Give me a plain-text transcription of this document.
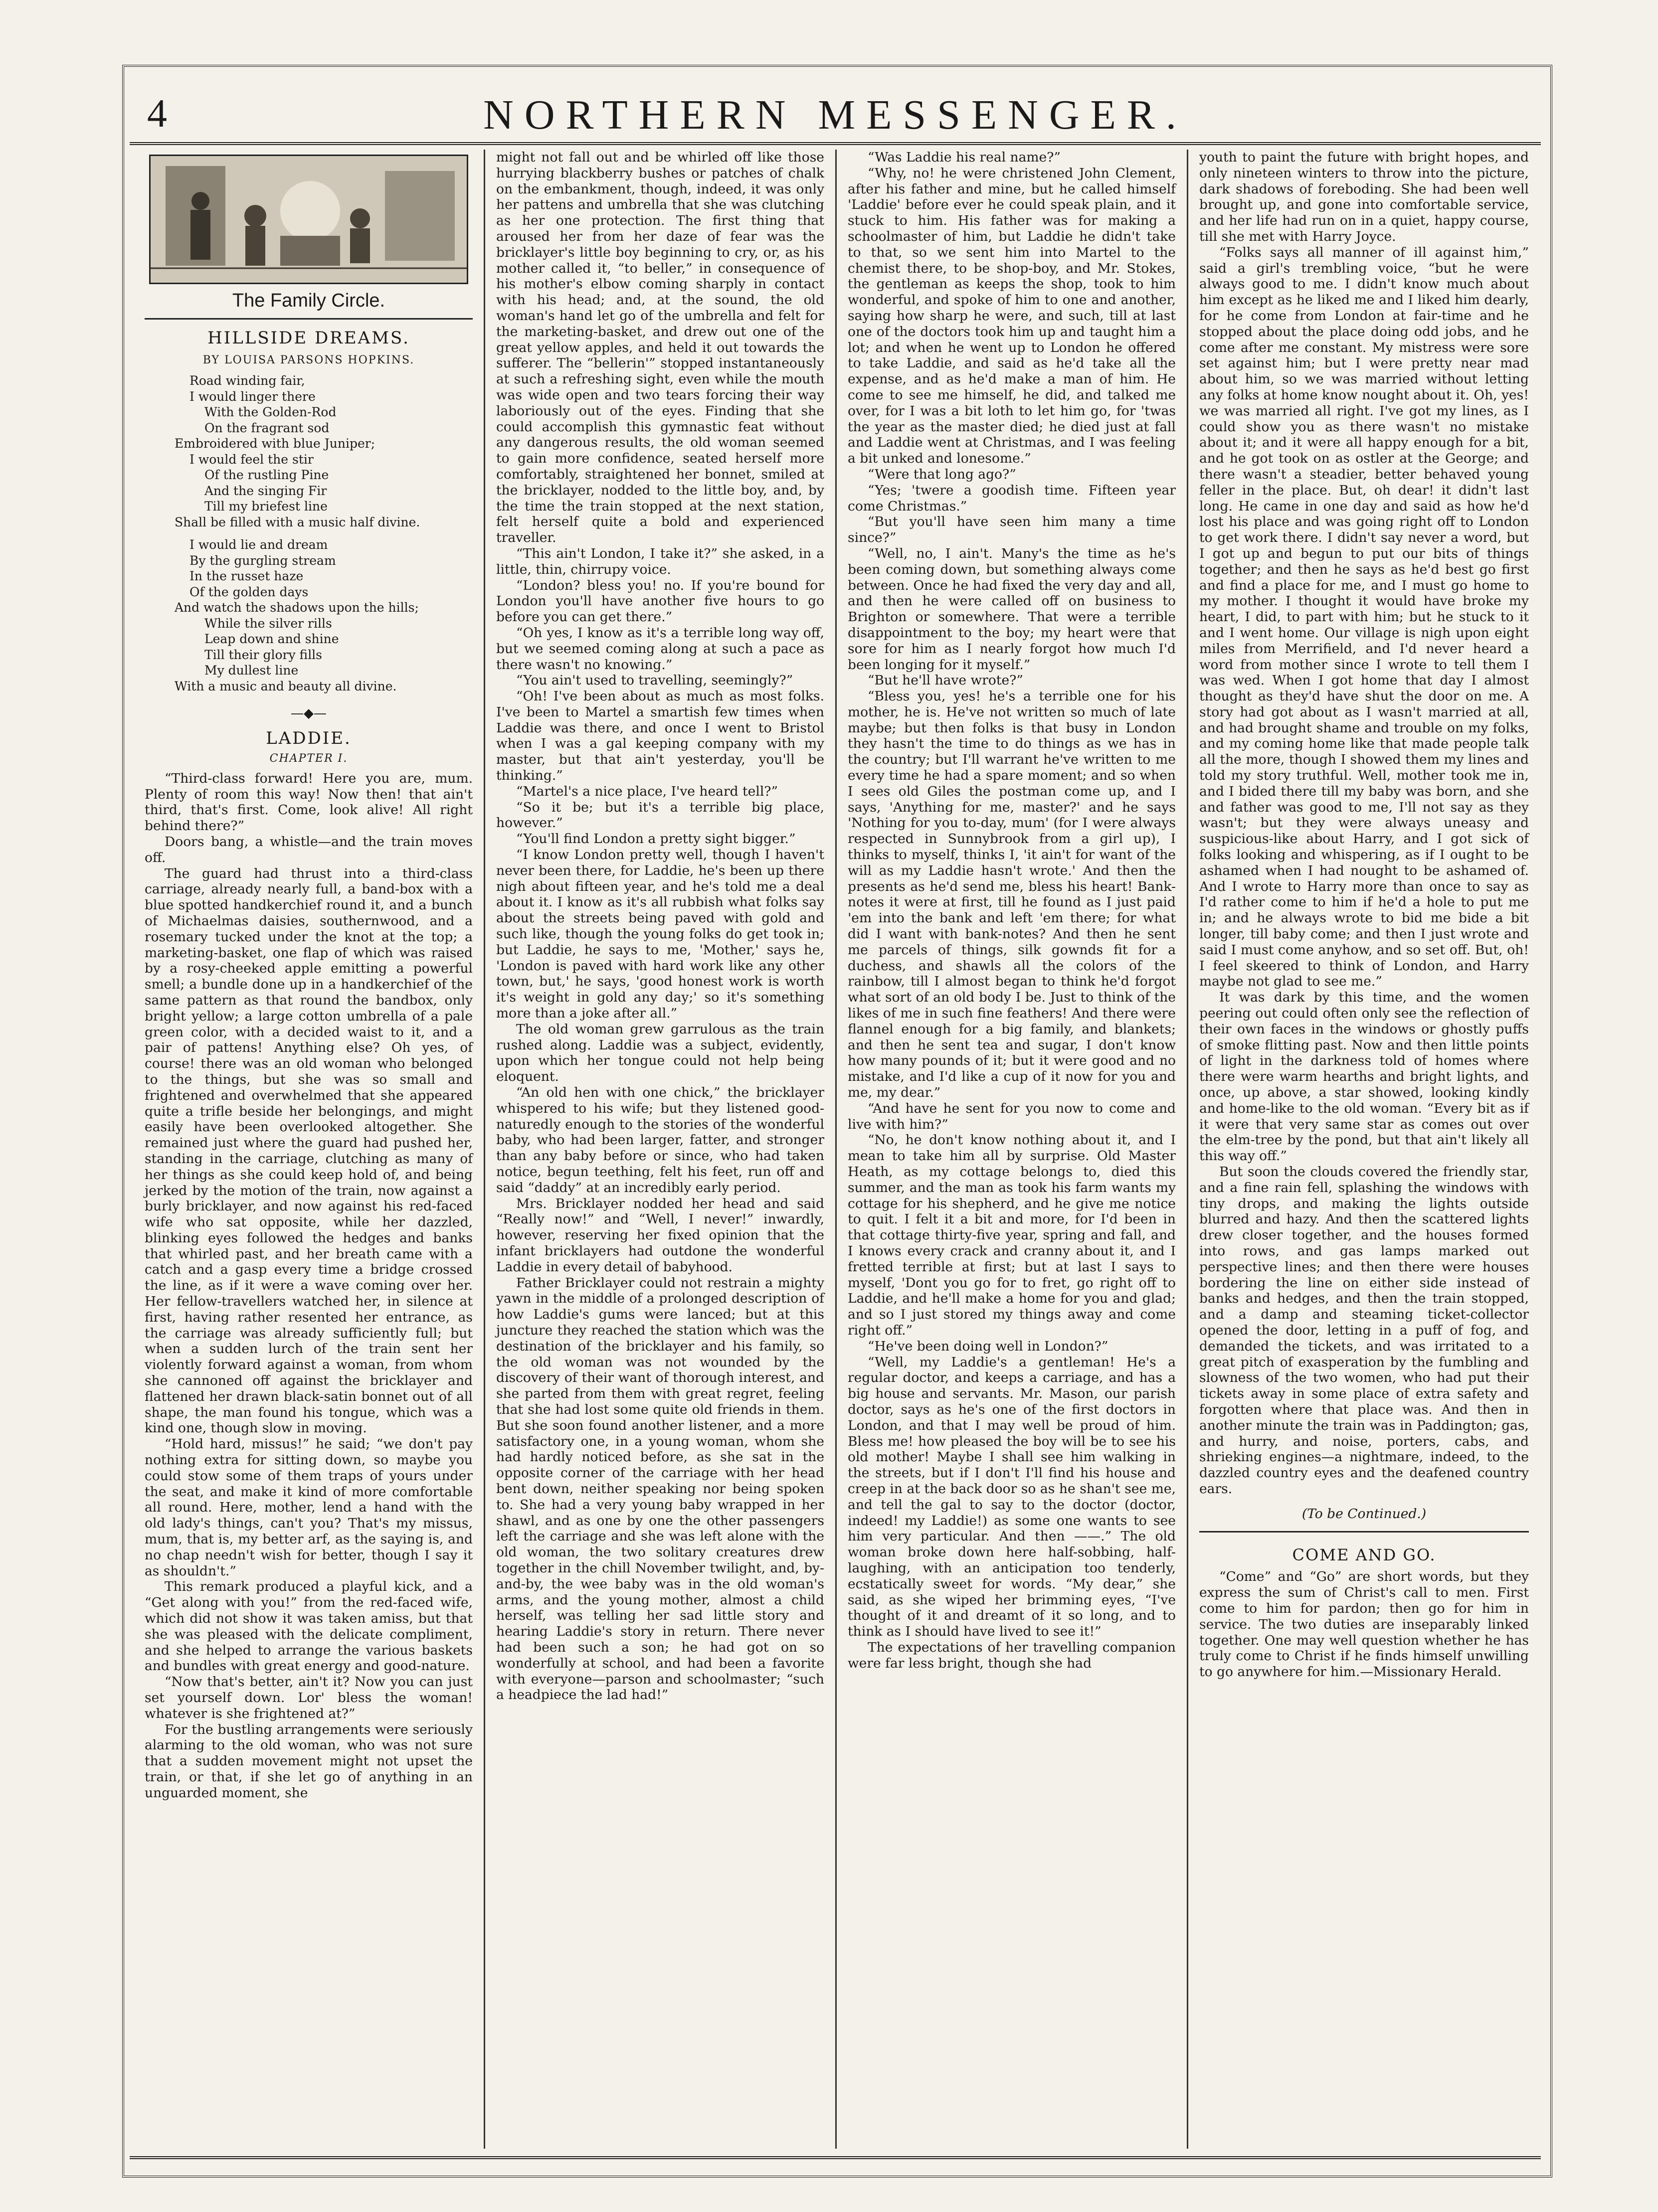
4	NORTHERN MESSENGER.
The Family Circle.
HILLSIDE DREAMS.
BY LOUISA PARSONS HOPKINS.
Road winding fair,
I would linger there
With the Golden-Rod
On the fragrant sod
Embroidered with blue Juniper;
I would feel the stir
Of the rustling Pine
And the singing Fir
Till my briefest line
Shall be filled with a music half divine.
I would lie and dream
By the gurgling stream
In the russet haze
Of the golden days
And watch the shadows upon the hills;
While the silver rills
Leap down and shine
Till their glory fills
My dullest line
With a music and beauty all divine.
—◆—
LADDIE.
CHAPTER I.

“Third-class forward! Here you are, mum. Plenty of room this way! Now then! that ain't third, that's first. Come, look alive! All right behind there?”

Doors bang, a whistle—and the train moves off.

The guard had thrust into a third-class carriage, already nearly full, a band-box with a blue spotted handkerchief round it, and a bunch of Michaelmas daisies, southernwood, and a rosemary tucked under the knot at the top; a marketing-basket, one flap of which was raised by a rosy-cheeked apple emitting a powerful smell; a bundle done up in a handkerchief of the same pattern as that round the bandbox, only bright yellow; a large cotton umbrella of a pale green color, with a decided waist to it, and a pair of pattens! Anything else? Oh yes, of course! there was an old woman who belonged to the things, but she was so small and frightened and overwhelmed that she appeared quite a trifle beside her belongings, and might easily have been overlooked altogether. She remained just where the guard had pushed her, standing in the carriage, clutching as many of her things as she could keep hold of, and being jerked by the motion of the train, now against a burly bricklayer, and now against his red-faced wife who sat opposite, while her dazzled, blinking eyes followed the hedges and banks that whirled past, and her breath came with a catch and a gasp every time a bridge crossed the line, as if it were a wave coming over her. Her fellow-travellers watched her, in silence at first, having rather resented her entrance, as the carriage was already sufficiently full; but when a sudden lurch of the train sent her violently forward against a woman, from whom she cannoned off against the bricklayer and flattened her drawn black-satin bonnet out of all shape, the man found his tongue, which was a kind one, though slow in moving.

“Hold hard, missus!” he said; “we don't pay nothing extra for sitting down, so maybe you could stow some of them traps of yours under the seat, and make it kind of more comfortable all round. Here, mother, lend a hand with the old lady's things, can't you? That's my missus, mum, that is, my better arf, as the saying is, and no chap needn't wish for better, though I say it as shouldn't.”

This remark produced a playful kick, and a “Get along with you!” from the red-faced wife, which did not show it was taken amiss, but that she was pleased with the delicate compliment, and she helped to arrange the various baskets and bundles with great energy and good-nature.

“Now that's better, ain't it? Now you can just set yourself down. Lor' bless the woman! whatever is she frightened at?”

For the bustling arrangements were seriously alarming to the old woman, who was not sure that a sudden movement might not upset the train, or that, if she let go of anything in an unguarded moment, she

might not fall out and be whirled off like those hurrying blackberry bushes or patches of chalk on the embankment, though, indeed, it was only her pattens and umbrella that she was clutching as her one protection. The first thing that aroused her from her daze of fear was the bricklayer's little boy beginning to cry, or, as his mother called it, “to beller,” in consequence of his mother's elbow coming sharply in contact with his head; and, at the sound, the old woman's hand let go of the umbrella and felt for the marketing-basket, and drew out one of the great yellow apples, and held it out towards the sufferer. The “bellerin'” stopped instantaneously at such a refreshing sight, even while the mouth was wide open and two tears forcing their way laboriously out of the eyes. Finding that she could accomplish this gymnastic feat without any dangerous results, the old woman seemed to gain more confidence, seated herself more comfortably, straightened her bonnet, smiled at the bricklayer, nodded to the little boy, and, by the time the train stopped at the next station, felt herself quite a bold and experienced traveller.

“This ain't London, I take it?” she asked, in a little, thin, chirrupy voice.

“London? bless you! no. If you're bound for London you'll have another five hours to go before you can get there.”

“Oh yes, I know as it's a terrible long way off, but we seemed coming along at such a pace as there wasn't no knowing.”

“You ain't used to travelling, seemingly?”

“Oh! I've been about as much as most folks. I've been to Martel a smartish few times when Laddie was there, and once I went to Bristol when I was a gal keeping company with my master, but that ain't yesterday, you'll be thinking.”

“Martel's a nice place, I've heard tell?”

“So it be; but it's a terrible big place, however.”

“You'll find London a pretty sight bigger.”

“I know London pretty well, though I haven't never been there, for Laddie, he's been up there nigh about fifteen year, and he's told me a deal about it. I know as it's all rubbish what folks say about the streets being paved with gold and such like, though the young folks do get took in; but Laddie, he says to me, 'Mother,' says he, 'London is paved with hard work like any other town, but,' he says, 'good honest work is worth it's weight in gold any day;' so it's something more than a joke after all.”

The old woman grew garrulous as the train rushed along. Laddie was a subject, evidently, upon which her tongue could not help being eloquent.

“An old hen with one chick,” the bricklayer whispered to his wife; but they listened good-naturedly enough to the stories of the wonderful baby, who had been larger, fatter, and stronger than any baby before or since, who had taken notice, begun teething, felt his feet, run off and said “daddy” at an incredibly early period.

Mrs. Bricklayer nodded her head and said “Really now!” and “Well, I never!” inwardly, however, reserving her fixed opinion that the infant bricklayers had outdone the wonderful Laddie in every detail of babyhood.

Father Bricklayer could not restrain a mighty yawn in the middle of a prolonged description of how Laddie's gums were lanced; but at this juncture they reached the station which was the destination of the bricklayer and his family, so the old woman was not wounded by the discovery of their want of thorough interest, and she parted from them with great regret, feeling that she had lost some quite old friends in them. But she soon found another listener, and a more satisfactory one, in a young woman, whom she had hardly noticed before, as she sat in the opposite corner of the carriage with her head bent down, neither speaking nor being spoken to. She had a very young baby wrapped in her shawl, and as one by one the other passengers left the carriage and she was left alone with the old woman, the two solitary creatures drew together in the chill November twilight, and, by-and-by, the wee baby was in the old woman's arms, and the young mother, almost a child herself, was telling her sad little story and hearing Laddie's story in return. There never had been such a son; he had got on so wonderfully at school, and had been a favorite with everyone—parson and schoolmaster; “such a headpiece the lad had!”

“Was Laddie his real name?”

“Why, no! he were christened John Clement, after his father and mine, but he called himself 'Laddie' before ever he could speak plain, and it stuck to him. His father was for making a schoolmaster of him, but Laddie he didn't take to that, so we sent him into Martel to the chemist there, to be shop-boy, and Mr. Stokes, the gentleman as keeps the shop, took to him wonderful, and spoke of him to one and another, saying how sharp he were, and such, till at last one of the doctors took him up and taught him a lot; and when he went up to London he offered to take Laddie, and said as he'd take all the expense, and as he'd make a man of him. He come to see me himself, he did, and talked me over, for I was a bit loth to let him go, for 'twas the year as the master died; he died just at fall and Laddie went at Christmas, and I was feeling a bit unked and lonesome.”

“Were that long ago?”

“Yes; 'twere a goodish time. Fifteen year come Christmas.”

“But you'll have seen him many a time since?”

“Well, no, I ain't. Many's the time as he's been coming down, but something always come between. Once he had fixed the very day and all, and then he were called off on business to Brighton or somewhere. That were a terrible disappointment to the boy; my heart were that sore for him as I nearly forgot how much I'd been longing for it myself.”

“But he'll have wrote?”

“Bless you, yes! he's a terrible one for his mother, he is. He've not written so much of late maybe; but then folks is that busy in London they hasn't the time to do things as we has in the country; but I'll warrant he've written to me every time he had a spare moment; and so when I sees old Giles the postman come up, and I says, 'Anything for me, master?' and he says 'Nothing for you to-day, mum' (for I were always respected in Sunnybrook from a girl up), I thinks to myself, thinks I, 'it ain't for want of the will as my Laddie hasn't wrote.' And then the presents as he'd send me, bless his heart! Bank-notes it were at first, till he found as I just paid 'em into the bank and left 'em there; for what did I want with bank-notes? And then he sent me parcels of things, silk gownds fit for a duchess, and shawls all the colors of the rainbow, till I almost began to think he'd forgot what sort of an old body I be. Just to think of the likes of me in such fine feathers! And there were flannel enough for a big family, and blankets; and then he sent tea and sugar, I don't know how many pounds of it; but it were good and no mistake, and I'd like a cup of it now for you and me, my dear.”

“And have he sent for you now to come and live with him?”

“No, he don't know nothing about it, and I mean to take him all by surprise. Old Master Heath, as my cottage belongs to, died this summer, and the man as took his farm wants my cottage for his shepherd, and he give me notice to quit. I felt it a bit and more, for I'd been in that cottage thirty-five year, spring and fall, and I knows every crack and cranny about it, and I fretted terrible at first; but at last I says to myself, 'Dont you go for to fret, go right off to Laddie, and he'll make a home for you and glad; and so I just stored my things away and come right off.”

“He've been doing well in London?”

“Well, my Laddie's a gentleman! He's a regular doctor, and keeps a carriage, and has a big house and servants. Mr. Mason, our parish doctor, says as he's one of the first doctors in London, and that I may well be proud of him. Bless me! how pleased the boy will be to see his old mother! Maybe I shall see him walking in the streets, but if I don't I'll find his house and creep in at the back door so as he shan't see me, and tell the gal to say to the doctor (doctor, indeed! my Laddie!) as some one wants to see him very particular. And then ——.” The old woman broke down here half-sobbing, half-laughing, with an anticipation too tenderly, ecstatically sweet for words. “My dear,” she said, as she wiped her brimming eyes, “I've thought of it and dreamt of it so long, and to think as I should have lived to see it!”

The expectations of her travelling companion were far less bright, though she had

youth to paint the future with bright hopes, and only nineteen winters to throw into the picture, dark shadows of foreboding. She had been well brought up, and gone into comfortable service, and her life had run on in a quiet, happy course, till she met with Harry Joyce.

“Folks says all manner of ill against him,” said a girl's trembling voice, “but he were always good to me. I didn't know much about him except as he liked me and I liked him dearly, for he come from London at fair-time and he stopped about the place doing odd jobs, and he come after me constant. My mistress were sore set against him; but I were pretty near mad about him, so we was married without letting any folks at home know nought about it. Oh, yes! we was married all right. I've got my lines, as I could show you as there wasn't no mistake about it; and it were all happy enough for a bit, and he got took on as ostler at the George; and there wasn't a steadier, better behaved young feller in the place. But, oh dear! it didn't last long. He came in one day and said as how he'd lost his place and was going right off to London to get work there. I didn't say never a word, but I got up and begun to put our bits of things together; and then he says as he'd best go first and find a place for me, and I must go home to my mother. I thought it would have broke my heart, I did, to part with him; but he stuck to it and I went home. Our village is nigh upon eight miles from Merrifield, and I'd never heard a word from mother since I wrote to tell them I was wed. When I got home that day I almost thought as they'd have shut the door on me. A story had got about as I wasn't married at all, and had brought shame and trouble on my folks, and my coming home like that made people talk all the more, though I showed them my lines and told my story truthful. Well, mother took me in, and I bided there till my baby was born, and she and father was good to me, I'll not say as they wasn't; but they were always uneasy and suspicious-like about Harry, and I got sick of folks looking and whispering, as if I ought to be ashamed when I had nought to be ashamed of. And I wrote to Harry more than once to say as I'd rather come to him if he'd a hole to put me in; and he always wrote to bid me bide a bit longer, till baby come; and then I just wrote and said I must come anyhow, and so set off. But, oh! I feel skeered to think of London, and Harry maybe not glad to see me.”

It was dark by this time, and the women peering out could often only see the reflection of their own faces in the windows or ghostly puffs of smoke flitting past. Now and then little points of light in the darkness told of homes where there were warm hearths and bright lights, and once, up above, a star showed, looking kindly and home-like to the old woman. “Every bit as if it were that very same star as comes out over the elm-tree by the pond, but that ain't likely all this way off.”

But soon the clouds covered the friendly star, and a fine rain fell, splashing the windows with tiny drops, and making the lights outside blurred and hazy. And then the scattered lights drew closer together, and the houses formed into rows, and gas lamps marked out perspective lines; and then there were houses bordering the line on either side instead of banks and hedges, and then the train stopped, and a damp and steaming ticket-collector opened the door, letting in a puff of fog, and demanded the tickets, and was irritated to a great pitch of exasperation by the fumbling and slowness of the two women, who had put their tickets away in some place of extra safety and forgotten where that place was. And then in another minute the train was in Paddington; gas, and hurry, and noise, porters, cabs, and shrieking engines—a nightmare, indeed, to the dazzled country eyes and the deafened country ears.

(To be Continued.)
COME AND GO.

“Come” and “Go” are short words, but they express the sum of Christ's call to men. First come to him for pardon; then go for him in service. The two duties are inseparably linked together. One may well question whether he has truly come to Christ if he finds himself unwilling to go anywhere for him.—Missionary Herald.
